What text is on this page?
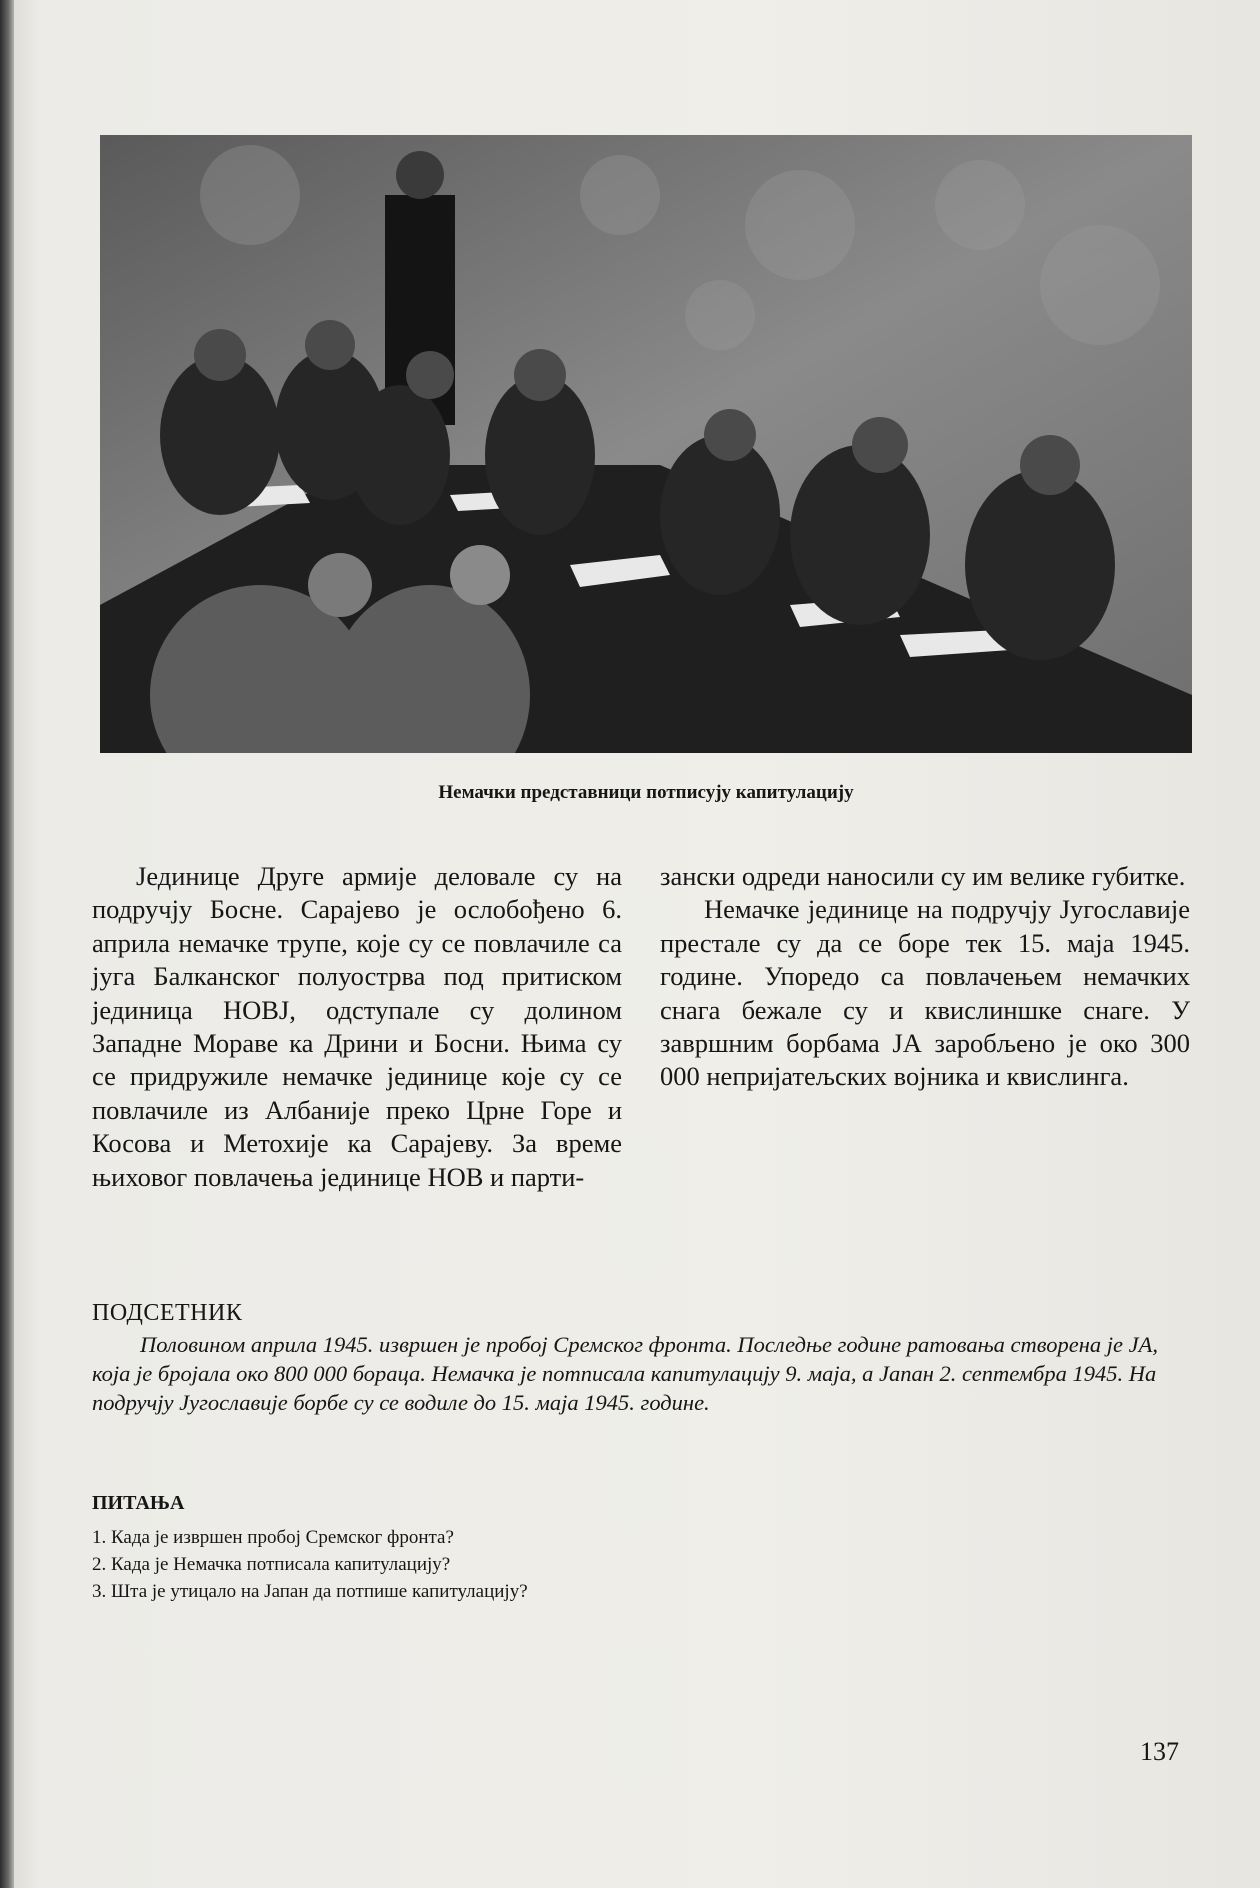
Немачки представници потписују капитулацију

Јединице Друге армије деловале су на подручју Босне. Сарајево је ослобођено 6. априла немачке трупе, које су се повлачиле са југа Балканског полуострва под притиском јединица НОВЈ, одступале су долином Западне Мораве ка Дрини и Босни. Њима су се придружиле немачке јединице које су се повлачиле из Албаније преко Црне Горе и Косова и Метохије ка Сарајеву. За време њиховог повлачења јединице НОВ и парти-

зански одреди наносили су им велике губитке.

Немачке јединице на подручју Југославије престале су да се боре тек 15. маја 1945. године. Упоредо са повлачењем немачких снага бежале су и квислиншке снаге. У завршним борбама ЈА заробљено је око 300 000 непријатељских војника и квислинга.

ПОДСЕТНИК

Половином априла 1945. извршен је пробој Сремског фронта. Последње године ратовања створена је ЈА, која је бројала око 800 000 бораца. Немачка је потписала капитулацију 9. маја, а Јапан 2. септембра 1945. На подручју Југославије борбе су се водиле до 15. маја 1945. године.

ПИТАЊА
1. Када је извршен пробој Сремског фронта?
2. Када је Немачка потписала капитулацију?
3. Шта је утицало на Јапан да потпише капитулацију?
137
